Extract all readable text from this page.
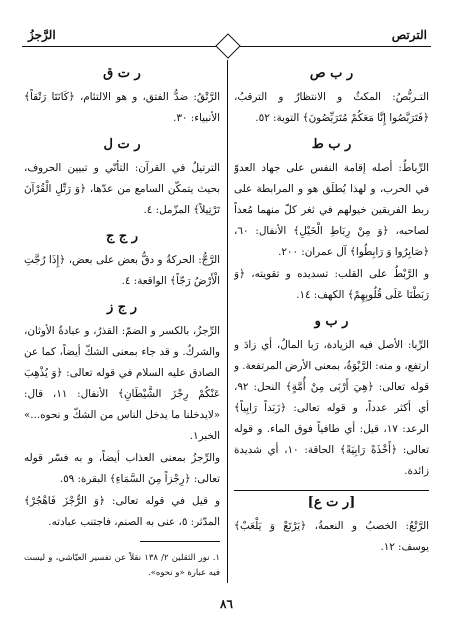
الترتص
الرَّجزُ
ر ب ص

التـربُّصُ: المكثُ و الانتظارُ و الترقبُ، ﴿فَتَرَبَّصُوا إِنَّا مَعَكُمْ مُتَرَبِّصُونَ﴾ التوبة: ٥٢.

ر ب ط

الرِّباطُ: أصله إقامة النفس على جهاد العدوّ في الحرب، و لهذا يُطلَق هو و المرابطة على ربط الفريقين خيولهم في ثغر كلّ منهما مُعداً لصاحبه، ﴿وَ مِنْ رِبَاطِ الْخَيْلِ﴾ الأنفال: ٦٠، ﴿صَابِرُوا وَ رَابِطُوا﴾ آل عمران: ٢٠٠.

و الرَّبْطُ على القلب: تسديده و تقويته، ﴿وَ رَبَطْنَا عَلَى قُلُوبِهِمْ﴾ الكهف: ١٤.

ر ب و

الرِّبا: الأصل فيه الزيادة، رَبا المالُ، أي زادَ و ارتفع، و منه: الرَّبْوَةُ، بمعنى الأرض المرتفعة. و قوله تعالى: ﴿هِيَ أَرْبَى مِنْ أُمَّةٍ﴾ النحل: ٩٢، أي أكثر عدداً، و قوله تعالى: ﴿زَبَداً رَابِياً﴾ الرعد: ١٧، قيل: أي طافياً فوق الماء. و قوله تعالى: ﴿أَخْذَةً رَابِيَةً﴾ الحاقة: ١٠، أي شديدة زائدة.

[ر ت ع]

الرَّتْعُ: الخصبُ و النعمةُ، ﴿يَرْتَعْ وَ يَلْعَبْ﴾ يوسف: ١٢.

ر ت ق

الرَّتْقُ: ضدُّ الفتق، و هو الالتئام، ﴿كَانَتَا رَتْقاً﴾ الأنبياء: ٣٠.

ر ت ل

الترتيلُ في القرآن: التأنّي و تبيين الحروف، بحيث يتمكّن السامع من عدّها، ﴿وَ رَتِّلِ الْقُرْآنَ تَرْتِيلاً﴾ المزّمل: ٤.

ر ج ج

الرَّجُّ: الحركةُ و دقُّ بعض على بعض، ﴿إِذَا رُجَّتِ الْأَرْضُ رَجّاً﴾ الواقعة: ٤.

ر ج ز

الرِّجزُ، بالكسر و الضمّ: القذرُ، و عبادةُ الأوثان، والشركُ. و قد جاء بمعنى الشكّ أيضاً، كما عن الصادق عليه السلام في قوله تعالى: ﴿وَ يُذْهِبَ عَنْكُمْ رِجْزَ الشَّيْطَانِ﴾ الأنفال: ١١، قال: «لايدخلنا ما يدخل الناس من الشكّ و نحوه...» الخبر١.

والرِّجزُ بمعنى العذاب أيضاً، و به فسّر قوله تعالى: ﴿رِجْزاً مِنَ السَّمَاءِ﴾ البقرة: ٥٩.

و قيل في قوله تعالى: ﴿وَ الرُّجْزَ فَاهْجُرْ﴾ المدّثر: ٥، عنى به الصنم، فاجتنب عبادته.

١. نور الثقلين ٢/ ١٣٨ نقلاً عن تفسير العيّاشي، و ليست فيه عبارة «و نحوه».

٨٦
